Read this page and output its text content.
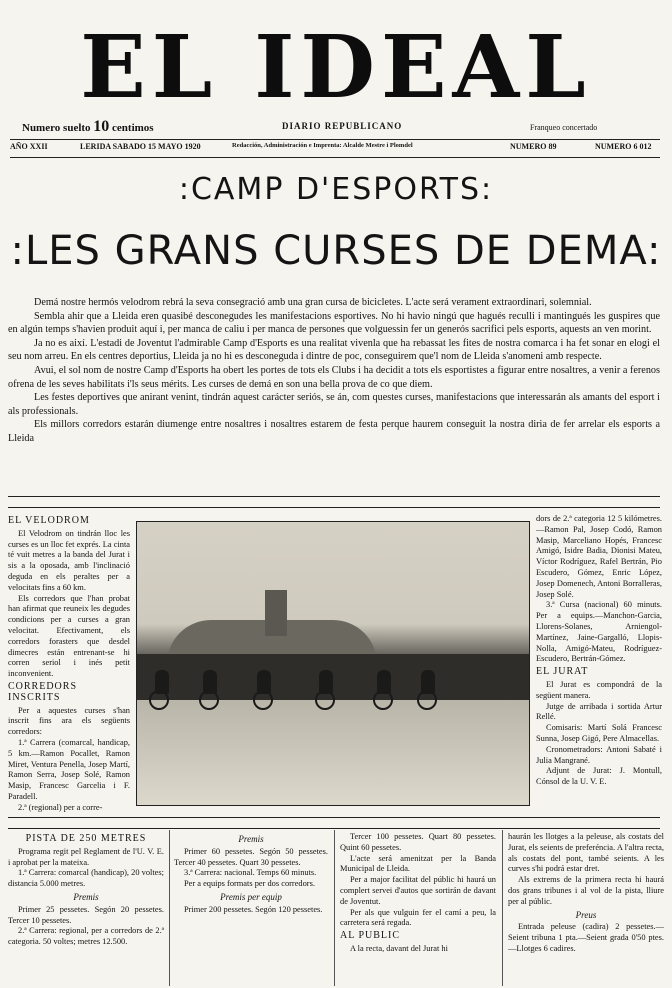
EL IDEAL
Numero suelto 10 centimos	DIARIO REPUBLICANO	Franqueo concertado
AÑO XXII	LERIDA SABADO 15 MAYO 1920	Redacción, Administración e Imprenta: Alcalde Mestre i Plomdel	NUMERO 89	NUMERO 6 012
:CAMP D'ESPORTS:
:LES GRANS CURSES DE DEMA:

Demá nostre hermós velodrom rebrá la seva consegració amb una gran cursa de bicicletes. L'acte será verament extraordinari, solemnial.

Sembla ahir que a Lleida eren quasibé desconegudes les manifestacions esportives. No hi havio ningú que hagués reculli i mantingués les guspires que en algún temps s'havien produit aquí i, per manca de caliu i per manca de persones que volguessin fer un generós sacrifici pels esports, aquests an ven morint.

Ja no es així. L'estadi de Joventut l'admirable Camp d'Esports es una realitat vivenla que ha rebassat les fites de nostra comarca i ha fet sonar en elogi el seu nom arreu. En els centres deportius, Lleida ja no hi es desconeguda i dintre de poc, conseguirem que'l nom de Lleida s'anomeni amb respecte.

Avui, el sol nom de nostre Camp d'Esports ha obert les portes de tots els Clubs i ha decidit a tots els esportistes a figurar entre nosaltres, a venir a ferenos ofrena de les seves habilitats i'ls seus mérits. Les curses de demá en son una bella prova de co que diem.

Les festes deportives que anirant venint, tindrán aquest carácter seriós, se án, com questes curses, manifestacions que interessarán als amants del esport i als professionals.

Els millors corredors estarán diumenge entre nosaltres i nosaltres estarem de festa perque haurem conseguit la nostra diria de fer arrelar els esports a Lleida

EL VELODROM

El Velodrom on tindrán lloc les curses es un lloc fet exprés. La cinta té vuit metres a la banda del Jurat i sis a la oposada, amb l'inclinació deguda en els peraltes per a velocitats fins a 60 km.

Els corredors que l'han probat han afirmat que reuneix les degudes condicions per a curses a gran velocitat. Efectivament, els corredors forasters que desdel dimecres están entrenant-se hi corren seriol i inés petit inconvenient.

CORREDORS INSCRITS

Per a aquestes curses s'han inscrit fins ara els següents corredors:

1.ª Carrera (comarcal, handicap, 5 km.—Ramon Pocallet, Ramon Miret, Ventura Penella, Josep Martí, Ramon Serra, Josep Solé, Ramon Masip, Francesc Garcelia i F. Paradell.

2.ª (regional) per a corre-

dors de 2.ª categoria 12 5 kilómetres.—Ramon Pal, Josep Codó, Ramon Masip, Marceliano Hopés, Francesc Amigó, Isidre Badia, Dionisi Mateu, Víctor Rodríguez, Rafel Bertrán, Pio Escudero, Gómez, Enric López, Josep Domenech, Antoni Borralleras, Josep Solé.

3.ª Cursa (nacional) 60 minuts. Per a equips.—Manchon-Garcia, Llorens-Solanes, Arniengol-Martínez, Jaine-Gargalló, Llopis-Nolla, Amigó-Mateu, Rodríguez-Escudero, Bertrán-Gómez.

EL JURAT

El Jurat es compondrá de la següent manera.

Jutge de arribada i sortida Artur Rellé.

Comisaris: Martí Solá Francesc Sunna, Josep Gigó, Pere Almacellas.

Cronometradors: Antoni Sabaté i Julia Mangrané.

Adjunt de Jurat: J. Montull, Cónsol de la U. V. E.

PISTA DE 250 METRES

Programa regit pel Reglament de l'U. V. E. i aprobat per la mateixa.

1.ª Carrera: comarcal (handicap), 20 voltes; distancia 5.000 metres.

Premis

Primer 25 pessetes. Segón 20 pessetes. Tercer 10 pessetes.

2.ª Carrera: regional, per a corredors de 2.ª categoria. 50 voltes; metres 12.500.

Premis

Primer 60 pessetes. Segón 50 pessetes. Tercer 40 pessetes. Quart 30 pessetes.

3.ª Carrera: nacional. Temps 60 minuts.

Per a equips formats per dos corredors.

Premis per equip

Primer 200 pessetes. Segón 120 pessetes.

Tercer 100 pessetes. Quart 80 pessetes. Quint 60 pessetes.

L'acte será amenitzat per la Banda Municipal de Lleida.

Per a major facilitat del públic hi haurá un complert servei d'autos que sortirán de davant de Joventut.

Per als que vulguin fer el camí a peu, la carretera será regada.

AL PUBLIC

A la recta, davant del Jurat hi

haurán les llotges a la peleuse, als costats del Jurat, els seients de preferéncia. A l'altra recta, als costats del pont, també seients. A les curves s'hi podrá estar dret.

Als extrems de la primera recta hi haurá dos grans tribunes i al vol de la pista, lliure per al públic.

Preus

Entrada peleuse (cadira) 2 pessetes.—Seient tribuna 1 pta.—Seient grada 0'50 ptes.—Llotges 6 cadires.
